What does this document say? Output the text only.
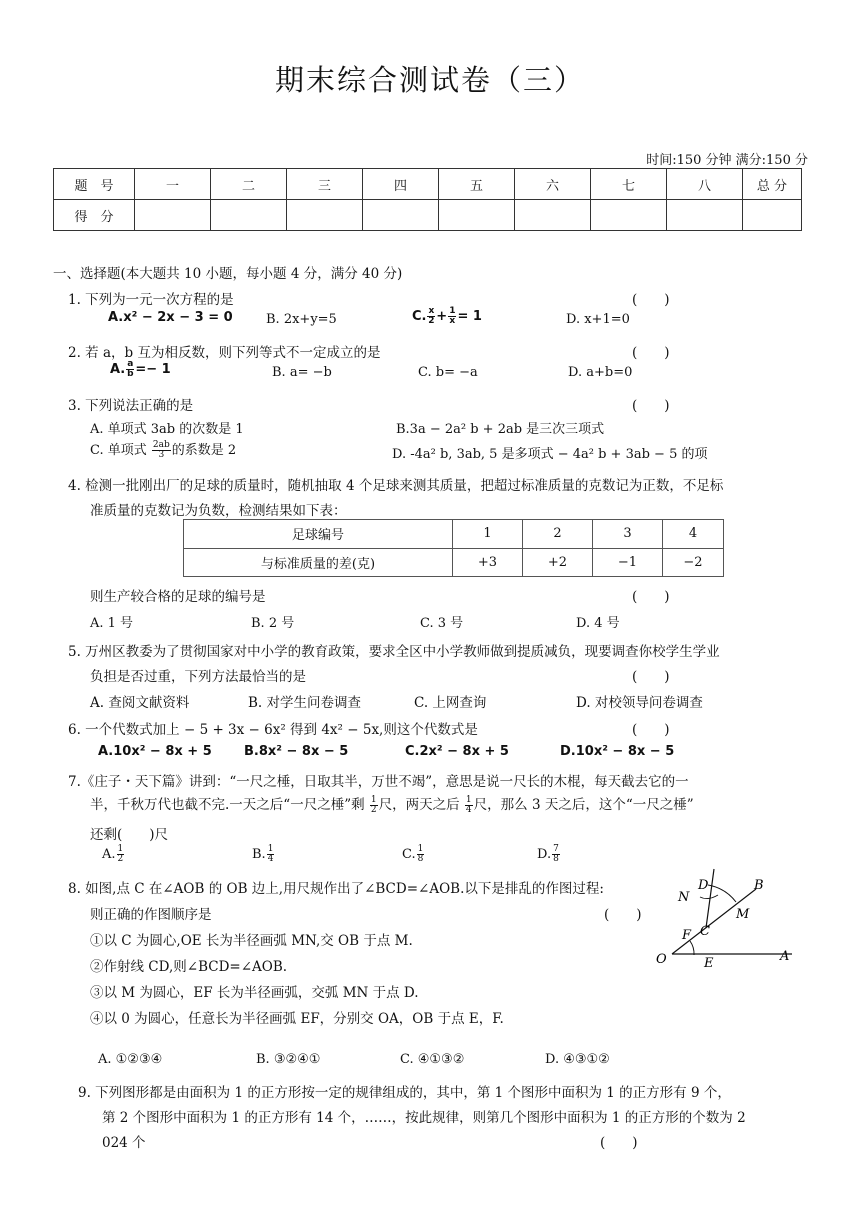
期末综合测试卷（三）
时间:150 分钟 满分:150 分
题　号	一	二	三	四	五	六	七	八	总 分
得　分									
一、选择题(本大题共 10 小题，每小题 4 分，满分 40 分)
1. 下列为一元一次方程的是	(　　)
A.x² − 2x − 3 = 0	B. 2x+y=5	C. $\frac{x}{2} + \frac{1}{x} = 1$	D. x+1=0
2. 若 a，b 互为相反数，则下列等式不一定成立的是	(　　)
A. $\frac{a}{b} =- 1$	B. a= −b	C. b= −a	D. a+b=0
3. 下列说法正确的是	(　　)
A. 单项式 3ab 的次数是 1	B.3a − 2a² b + 2ab 是三次三项式
C. 单项式 $\frac{2ab}{3}$ 的系数是 2	D. -4a² b, 3ab, 5 是多项式 − 4a² b + 3ab − 5 的项
4. 检测一批刚出厂的足球的质量时，随机抽取 4 个足球来测其质量，把超过标准质量的克数记为正数，不足标
准质量的克数记为负数，检测结果如下表：
足球编号	1	2	3	4
与标准质量的差(克)	+3	+2	−1	−2
则生产较合格的足球的编号是	(　　)
A. 1 号	B. 2 号	C. 3 号	D. 4 号
5. 万州区教委为了贯彻国家对中小学的教育政策，要求全区中小学教师做到提质减负，现要调查你校学生学业
负担是否过重，下列方法最恰当的是	(　　)
A. 查阅文献资料	B. 对学生问卷调查	C. 上网查询	D. 对校领导问卷调查
6. 一个代数式加上 − 5 + 3x − 6x² 得到 4x² − 5x,则这个代数式是	(　　)
A.10x² − 8x + 5 B.8x² − 8x − 5	C.2x² − 8x + 5	D.10x² − 8x − 5
7.《庄子・天下篇》讲到：“一尺之棰，日取其半，万世不竭”，意思是说一尺长的木棍，每天截去它的一
半，千秋万代也截不完.一天之后“一尺之棰”剩 $\frac{1}{2}$ 尺，两天之后 $\frac{1}{4}$ 尺，那么 3 天之后，这个“一尺之棰”
还剩(　　)尺
A. $\frac{1}{2}$	B. $\frac{1}{4}$	C. $\frac{1}{8}$	D. $\frac{7}{8}$
8. 如图,点 C 在∠AOB 的 OB 边上,用尺规作出了∠BCD=∠AOB.以下是排乱的作图过程:
则正确的作图顺序是	(　　)
①以 C 为圆心,OE 长为半径画弧 MN,交 OB 于点 M.
②作射线 CD,则∠BCD=∠AOB.
③以 M 为圆心，EF 长为半径画弧，交弧 MN 于点 D.
④以 0 为圆心，任意长为半径画弧 EF，分别交 OA，OB 于点 E，F.
A. ①②③④	B. ③②④①	C. ④①③②	D. ④③①②
N
D	B
M
F C
O	E	A
9. 下列图形都是由面积为 1 的正方形按一定的规律组成的，其中，第 1 个图形中面积为 1 的正方形有 9 个，
第 2 个图形中面积为 1 的正方形有 14 个，……，按此规律，则第几个图形中面积为 1 的正方形的个数为 2
024 个	(　　)
